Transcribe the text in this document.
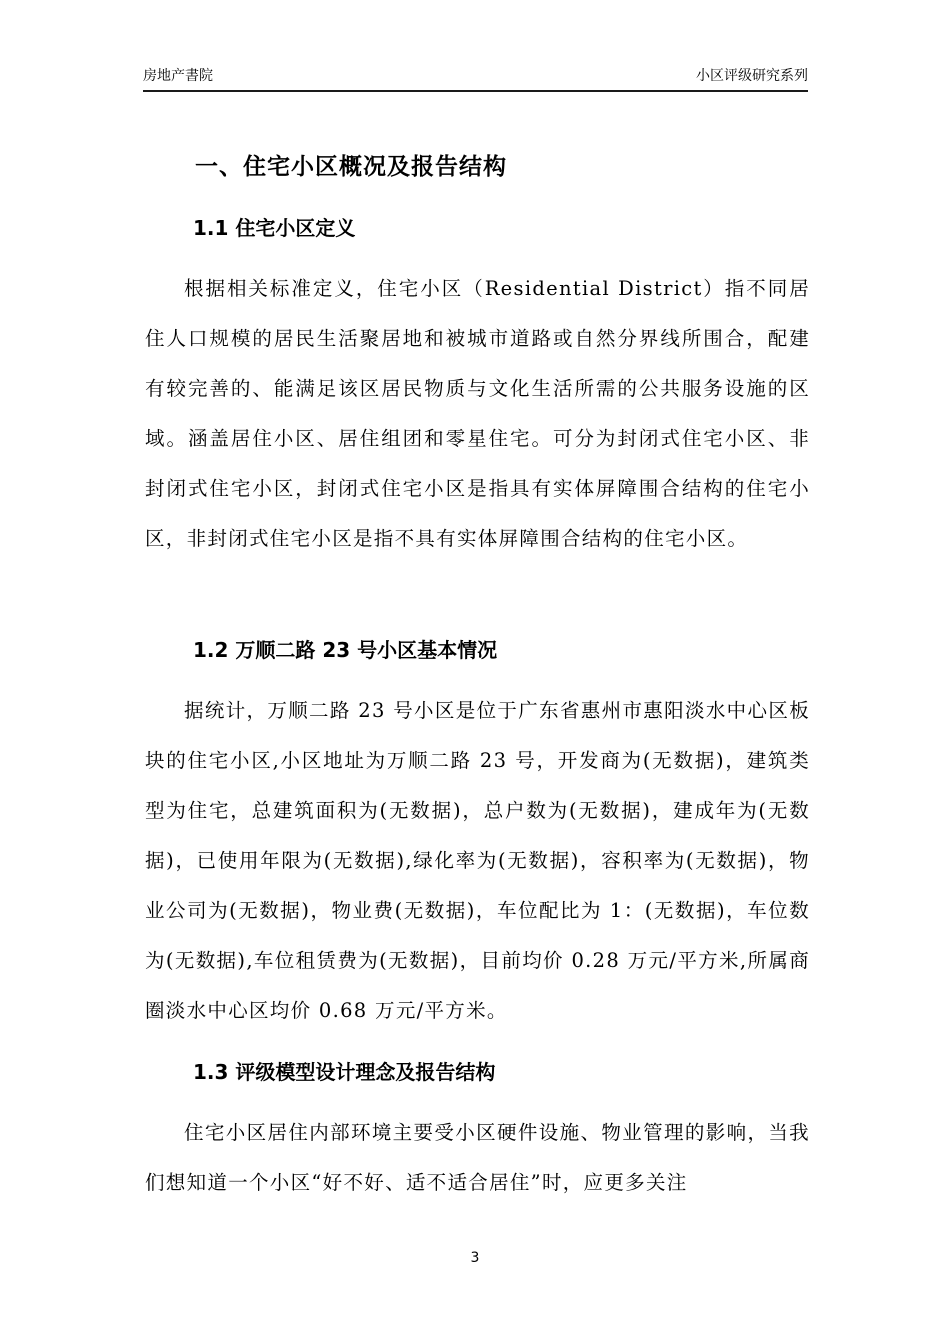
房地产書院	小区评级研究系列
一、住宅小区概况及报告结构
1.1 住宅小区定义

根据相关标准定义，住宅小区（Residential District）指不同居住人口规模的居民生活聚居地和被城市道路或自然分界线所围合，配建有较完善的、能满足该区居民物质与文化生活所需的公共服务设施的区域。涵盖居住小区、居住组团和零星住宅。可分为封闭式住宅小区、非封闭式住宅小区，封闭式住宅小区是指具有实体屏障围合结构的住宅小区，非封闭式住宅小区是指不具有实体屏障围合结构的住宅小区。

1.2 万顺二路 23 号小区基本情况

据统计，万顺二路 23 号小区是位于广东省惠州市惠阳淡水中心区板块的住宅小区,小区地址为万顺二路 23 号，开发商为(无数据)，建筑类型为住宅，总建筑面积为(无数据)，总户数为(无数据)，建成年为(无数据)，已使用年限为(无数据),绿化率为(无数据)，容积率为(无数据)，物业公司为(无数据)，物业费(无数据)，车位配比为 1：(无数据)，车位数为(无数据),车位租赁费为(无数据)，目前均价 0.28 万元/平方米,所属商圈淡水中心区均价 0.68 万元/平方米。

1.3 评级模型设计理念及报告结构

住宅小区居住内部环境主要受小区硬件设施、物业管理的影响，当我们想知道一个小区“好不好、适不适合居住”时，应更多关注

3
